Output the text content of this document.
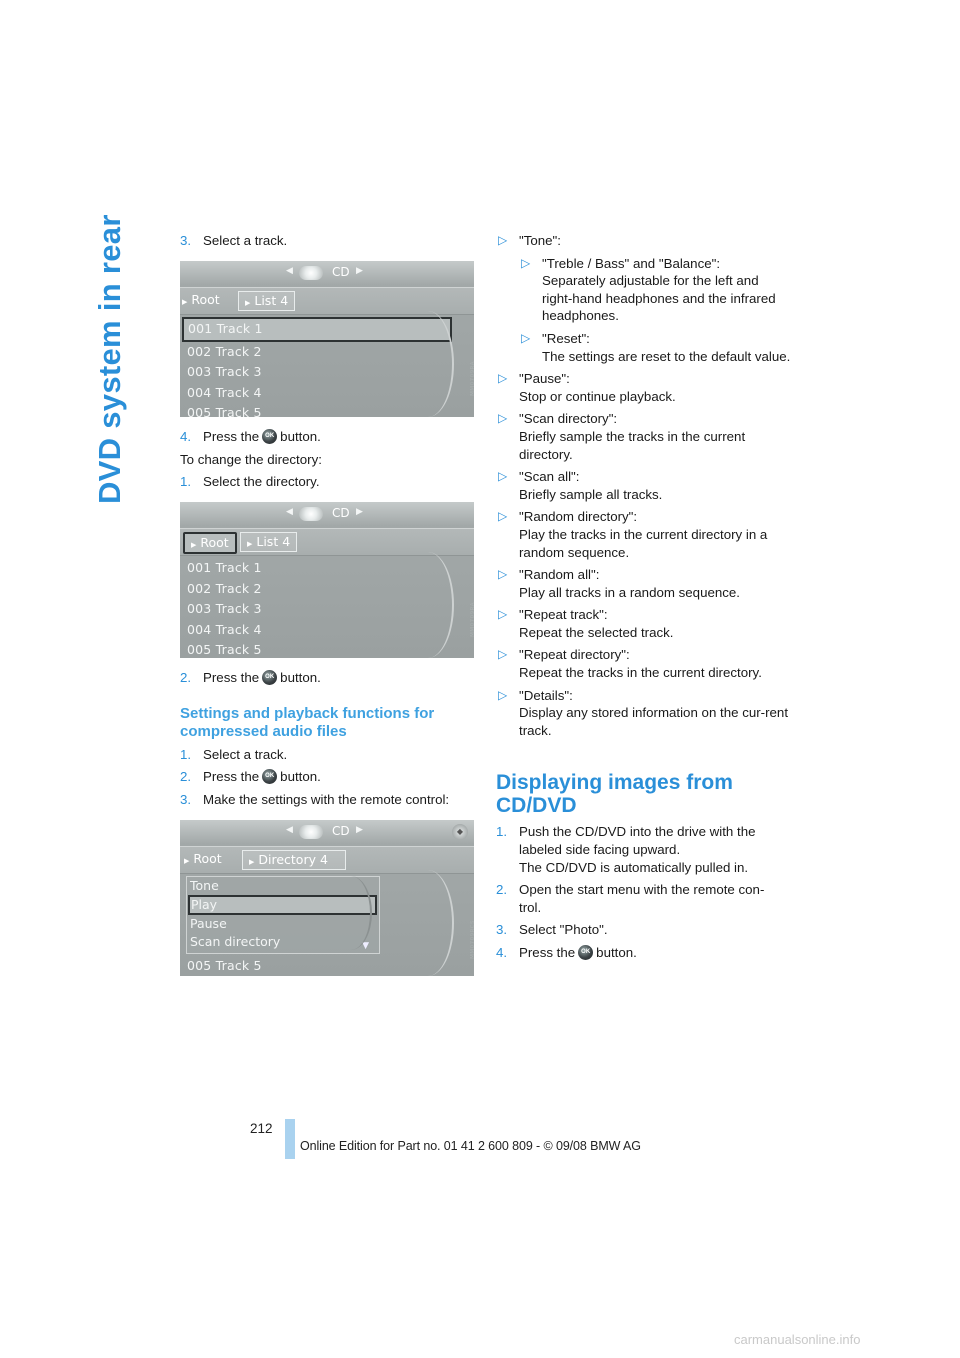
DVD system in rear	3. Select a track.

◀	CD ▶
▶ Root	▶ List 4
001 Track 1
002 Track 2
003 Track 3
004 Track 4
005 Track 5
MM0709RA

4. Press the OK button.

To change the directory:

1. Select the directory.

◀	CD ▶
▶ Root	▶ List 4
001 Track 1
002 Track 2
003 Track 3
004 Track 4
005 Track 5
MM0709RA

2. Press the OK button.

Settings and playback functions for

compressed audio files

1. Select a track.

2. Press the OK button.

3. Make the settings with the remote control:

◀	CD ▶	◆
▶ Root	▶ Directory 4
Tone
Play
Pause
Scan directory	▼
005 Track 5
MM0709RCS
▷ "Tone":
▷ "Treble / Bass" and "Balance":
Separately adjustable for the left and right-hand headphones and the infrared headphones.
▷ "Reset":
The settings are reset to the default value.
▷ "Pause":
Stop or continue playback.
▷ "Scan directory":
Briefly sample the tracks in the current directory.
▷ "Scan all":
Briefly sample all tracks.
▷ "Random directory":
Play the tracks in the current directory in a random sequence.
▷ "Random all":
Play all tracks in a random sequence.
▷ "Repeat track":
Repeat the selected track.
▷ "Repeat directory":
Repeat the tracks in the current directory.
▷ "Details":
Display any stored information on the cur-rent track.

Displaying images from

CD/DVD

1. Push the CD/DVD into the drive with the
labeled side facing upward.
The CD/DVD is automatically pulled in.
2. Open the start menu with the remote con-
trol.
3. Select "Photo".
4. Press the OK button.
212
Online Edition for Part no. 01 41 2 600 809 - © 09/08 BMW AG
carmanualsonline.info
